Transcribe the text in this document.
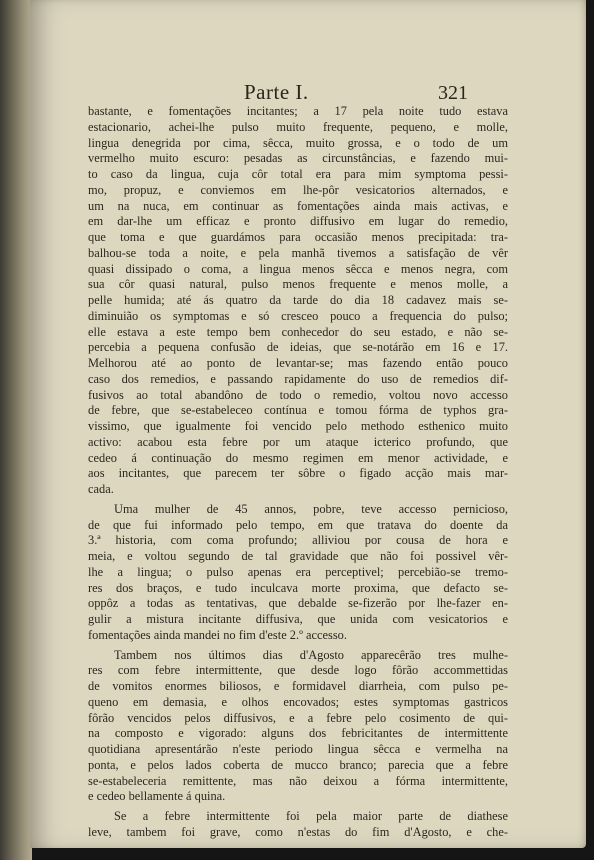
Parte I.	321
bastante, e fomentações incitantes; a 17 pela noite tudo estava
estacionario, achei-lhe pulso muito frequente, pequeno, e molle,
lingua denegrida por cima, sêcca, muito grossa, e o todo de um
vermelho muito escuro: pesadas as circunstâncias, e fazendo mui-
to caso da lingua, cuja côr total era para mim symptoma pessi-
mo, propuz, e conviemos em lhe-pôr vesicatorios alternados, e
um na nuca, em continuar as fomentações ainda mais activas, e
em dar-lhe um efficaz e pronto diffusivo em lugar do remedio,
que toma e que guardámos para occasião menos precipitada: tra-
balhou-se toda a noite, e pela manhã tivemos a satisfação de vêr
quasi dissipado o coma, a lingua menos sêcca e menos negra, com
sua côr quasi natural, pulso menos frequente e menos molle, a
pelle humida; até ás quatro da tarde do dia 18 cadavez mais se-
diminuião os symptomas e só cresceo pouco a frequencia do pulso;
elle estava a este tempo bem conhecedor do seu estado, e não se-
percebia a pequena confusão de ideias, que se-notárão em 16 e 17.
Melhorou até ao ponto de levantar-se; mas fazendo então pouco
caso dos remedios, e passando rapidamente do uso de remedios dif-
fusivos ao total abandôno de todo o remedio, voltou novo accesso
de febre, que se-estabeleceo contínua e tomou fórma de typhos gra-
vissimo, que igualmente foi vencido pelo methodo esthenico muito
activo: acabou esta febre por um ataque icterico profundo, que
cedeo á continuação do mesmo regimen em menor actividade, e
aos incitantes, que parecem ter sôbre o figado acção mais mar-
cada.
Uma mulher de 45 annos, pobre, teve accesso pernicioso,
de que fui informado pelo tempo, em que tratava do doente da
3.ª historia, com coma profundo; alliviou por cousa de hora e
meia, e voltou segundo de tal gravidade que não foi possivel vêr-
lhe a lingua; o pulso apenas era perceptivel; percebião-se tremo-
res dos braços, e tudo inculcava morte proxima, que defacto se-
oppôz a todas as tentativas, que debalde se-fizerão por lhe-fazer en-
gulir a mistura incitante diffusiva, que unida com vesicatorios e
fomentações ainda mandei no fim d'este 2.º accesso.
Tambem nos últimos dias d'Agosto apparecêrão tres mulhe-
res com febre intermittente, que desde logo fôrão accommettidas
de vomitos enormes biliosos, e formidavel diarrheia, com pulso pe-
queno em demasia, e olhos encovados; estes symptomas gastricos
fôrão vencidos pelos diffusivos, e a febre pelo cosimento de qui-
na composto e vigorado: alguns dos febricitantes de intermittente
quotidiana apresentárão n'este periodo lingua sêcca e vermelha na
ponta, e pelos lados coberta de mucco branco; parecia que a febre
se-estabeleceria remittente, mas não deixou a fórma intermittente,
e cedeo bellamente á quina.
Se a febre intermittente foi pela maior parte de diathese
leve, tambem foi grave, como n'estas do fim d'Agosto, e che-
